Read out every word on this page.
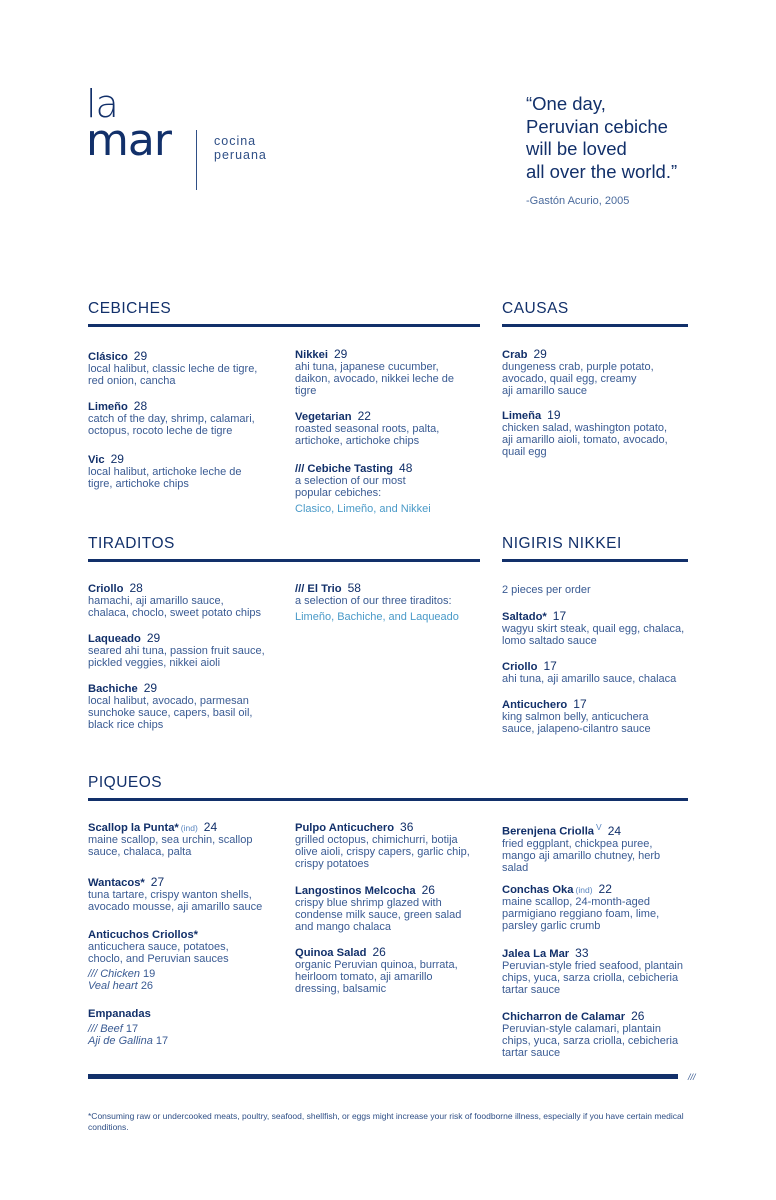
la
mar	cocina
peruana
“One day,
Peruvian cebiche
will be loved
all over the world.”
-Gastón Acurio, 2005
CEBICHES
Clásico 29
local halibut, classic leche de tigre,
red onion, cancha
Limeño 28
catch of the day, shrimp, calamari,
octopus, rocoto leche de tigre
Vic 29
local halibut, artichoke leche de
tigre, artichoke chips
Nikkei 29
ahi tuna, japanese cucumber,
daikon, avocado, nikkei leche de
tigre
Vegetarian 22
roasted seasonal roots, palta,
artichoke, artichoke chips
/// Cebiche Tasting 48
a selection of our most
popular cebiches:
Clasico, Limeño, and Nikkei
CAUSAS
Crab 29
dungeness crab, purple potato,
avocado, quail egg, creamy
aji amarillo sauce
Limeña 19
chicken salad, washington potato,
aji amarillo aioli, tomato, avocado,
quail egg
TIRADITOS
Criollo 28
hamachi, aji amarillo sauce,
chalaca, choclo, sweet potato chips
Laqueado 29
seared ahi tuna, passion fruit sauce,
pickled veggies, nikkei aioli
Bachiche 29
local halibut, avocado, parmesan
sunchoke sauce, capers, basil oil,
black rice chips
/// El Trio 58
a selection of our three tiraditos:
Limeño, Bachiche, and Laqueado
NIGIRIS NIKKEI
2 pieces per order
Saltado* 17
wagyu skirt steak, quail egg, chalaca,
lomo saltado sauce
Criollo 17
ahi tuna, aji amarillo sauce, chalaca
Anticuchero 17
king salmon belly, anticuchera
sauce, jalapeno-cilantro sauce
PIQUEOS
Scallop la Punta* (ind) 24
maine scallop, sea urchin, scallop
sauce, chalaca, palta
Wantacos* 27
tuna tartare, crispy wanton shells,
avocado mousse, aji amarillo sauce
Anticuchos Criollos*
anticuchera sauce, potatoes,
choclo, and Peruvian sauces
/// Chicken 19
Veal heart 26
Empanadas
/// Beef 17
Aji de Gallina 17
Pulpo Anticuchero 36
grilled octopus, chimichurri, botija
olive aioli, crispy capers, garlic chip,
crispy potatoes
Langostinos Melcocha 26
crispy blue shrimp glazed with
condense milk sauce, green salad
and mango chalaca
Quinoa Salad 26
organic Peruvian quinoa, burrata,
heirloom tomato, aji amarillo
dressing, balsamic
Berenjena Criolla $^V$ 24
fried eggplant, chickpea puree,
mango aji amarillo chutney, herb
salad
Conchas Oka (ind) 22
maine scallop, 24-month-aged
parmigiano reggiano foam, lime,
parsley garlic crumb
Jalea La Mar 33
Peruvian-style fried seafood, plantain
chips, yuca, sarza criolla, cebicheria
tartar sauce
Chicharron de Calamar 26
Peruvian-style calamari, plantain
chips, yuca, sarza criolla, cebicheria
tartar sauce
///
*Consuming raw or undercooked meats, poultry, seafood, shellfish, or eggs might increase your risk of foodborne illness, especially if you have certain medical conditions.
